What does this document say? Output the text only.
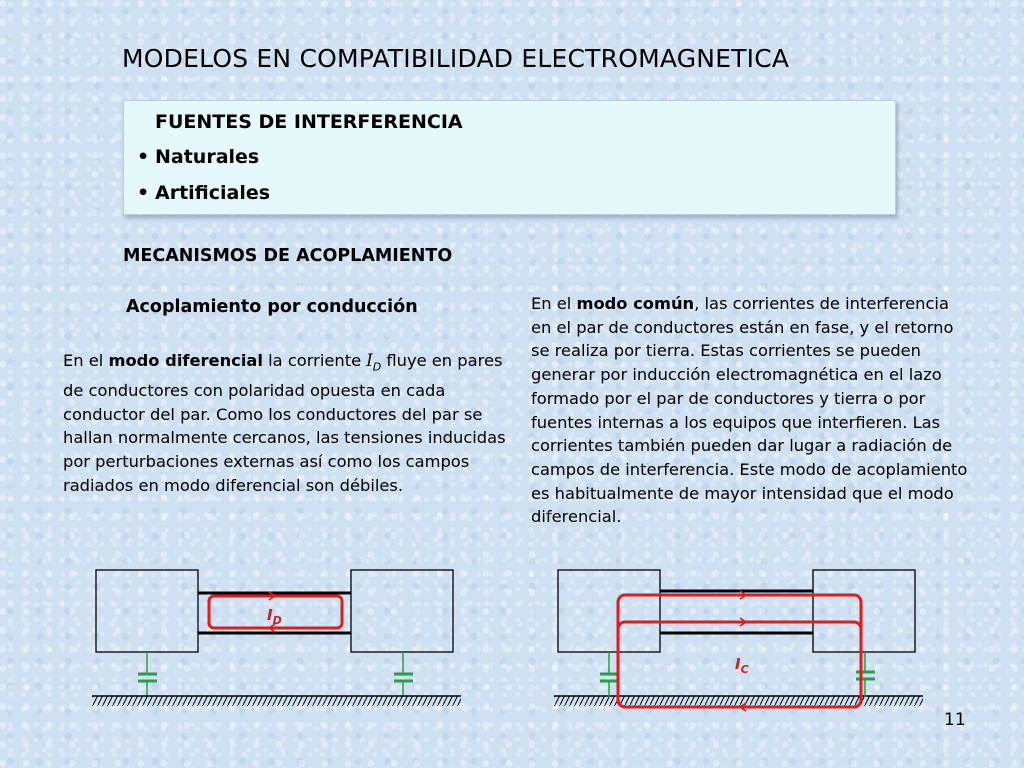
MODELOS EN COMPATIBILIDAD ELECTROMAGNETICA
FUENTES DE INTERFERENCIA
• Naturales
• Artificiales
MECANISMOS DE ACOPLAMIENTO
Acoplamiento por conducción

En el modo diferencial la corriente $I_D$ fluye en pares de conductores con polaridad opuesta en cada conductor del par. Como los conductores del par se hallan normalmente cercanos, las tensiones inducidas por perturbaciones externas así como los campos radiados en modo diferencial son débiles.

En el modo común, las corrientes de interferencia en el par de conductores están en fase, y el retorno se realiza por tierra. Estas corrientes se pueden generar por inducción electromagnética en el lazo formado por el par de conductores y tierra o por fuentes internas a los equipos que interfieren. Las corrientes también pueden dar lugar a radiación de campos de interferencia. Este modo de acoplamiento es habitualmente de mayor intensidad que el modo diferencial.

$I_D$
$I_C$
11
